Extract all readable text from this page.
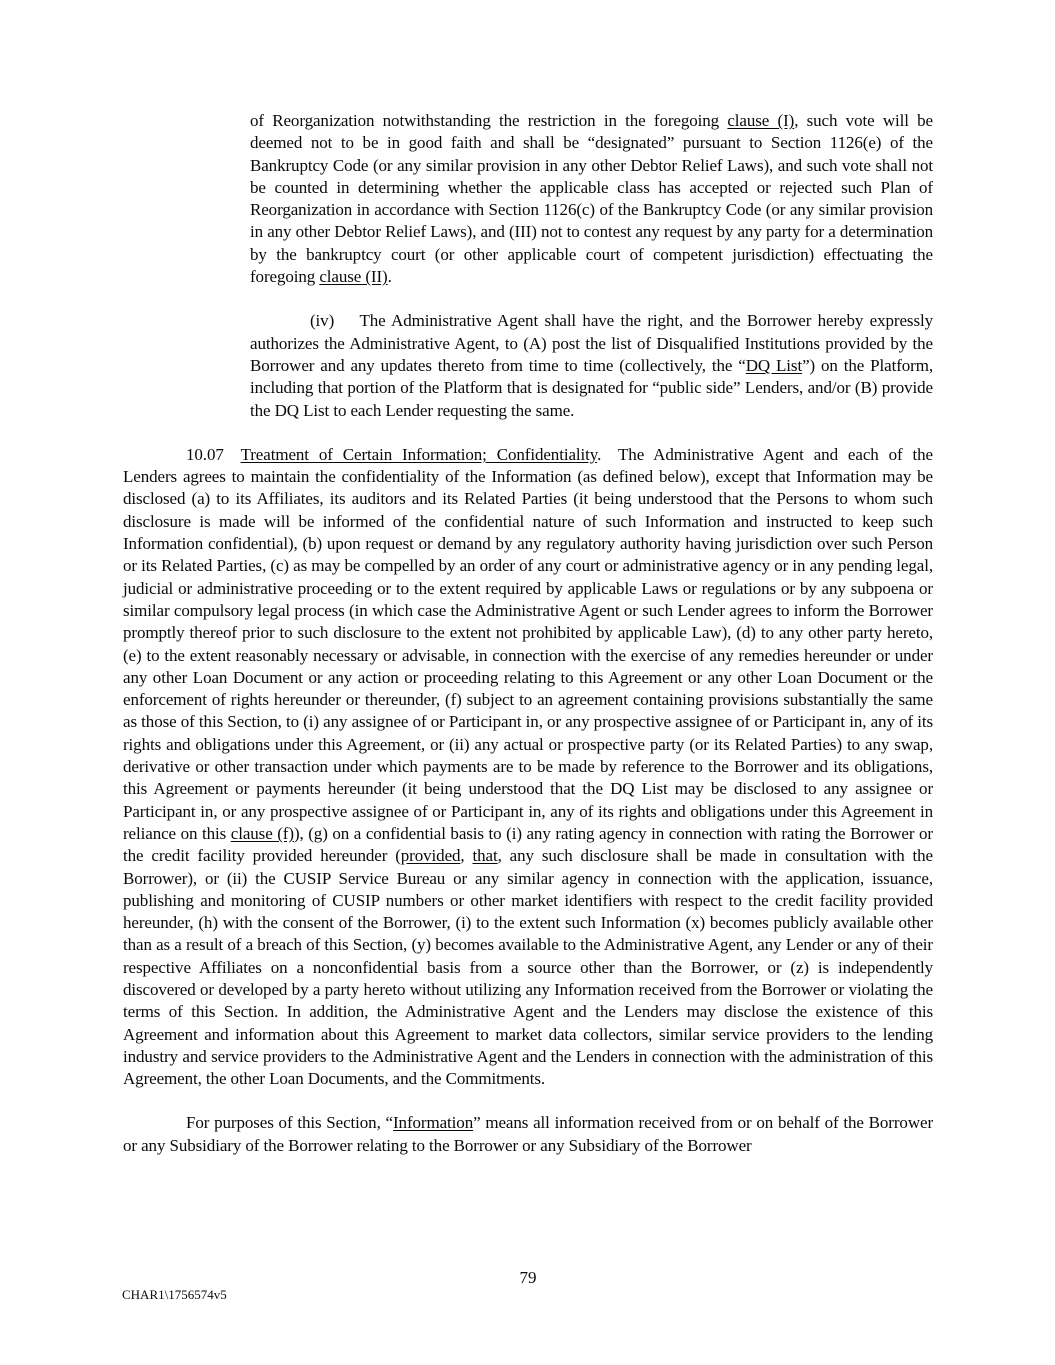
of Reorganization notwithstanding the restriction in the foregoing clause (I), such vote will be deemed not to be in good faith and shall be “designated” pursuant to Section 1126(e) of the Bankruptcy Code (or any similar provision in any other Debtor Relief Laws), and such vote shall not be counted in determining whether the applicable class has accepted or rejected such Plan of Reorganization in accordance with Section 1126(c) of the Bankruptcy Code (or any similar provision in any other Debtor Relief Laws), and (III) not to contest any request by any party for a determination by the bankruptcy court (or other applicable court of competent jurisdiction) effectuating the foregoing clause (II).

(iv)  The Administrative Agent shall have the right, and the Borrower hereby expressly authorizes the Administrative Agent, to (A) post the list of Disqualified Institutions provided by the Borrower and any updates thereto from time to time (collectively, the “DQ List”) on the Platform, including that portion of the Platform that is designated for “public side” Lenders, and/or (B) provide the DQ List to each Lender requesting the same.

10.07  Treatment of Certain Information; Confidentiality.  The Administrative Agent and each of the Lenders agrees to maintain the confidentiality of the Information (as defined below), except that Information may be disclosed (a) to its Affiliates, its auditors and its Related Parties (it being understood that the Persons to whom such disclosure is made will be informed of the confidential nature of such Information and instructed to keep such Information confidential), (b) upon request or demand by any regulatory authority having jurisdiction over such Person or its Related Parties, (c) as may be compelled by an order of any court or administrative agency or in any pending legal, judicial or administrative proceeding or to the extent required by applicable Laws or regulations or by any subpoena or similar compulsory legal process (in which case the Administrative Agent or such Lender agrees to inform the Borrower promptly thereof prior to such disclosure to the extent not prohibited by applicable Law), (d) to any other party hereto, (e) to the extent reasonably necessary or advisable, in connection with the exercise of any remedies hereunder or under any other Loan Document or any action or proceeding relating to this Agreement or any other Loan Document or the enforcement of rights hereunder or thereunder, (f) subject to an agreement containing provisions substantially the same as those of this Section, to (i) any assignee of or Participant in, or any prospective assignee of or Participant in, any of its rights and obligations under this Agreement, or (ii) any actual or prospective party (or its Related Parties) to any swap, derivative or other transaction under which payments are to be made by reference to the Borrower and its obligations, this Agreement or payments hereunder (it being understood that the DQ List may be disclosed to any assignee or Participant in, or any prospective assignee of or Participant in, any of its rights and obligations under this Agreement in reliance on this clause (f)), (g) on a confidential basis to (i) any rating agency in connection with rating the Borrower or the credit facility provided hereunder (provided, that, any such disclosure shall be made in consultation with the Borrower), or (ii) the CUSIP Service Bureau or any similar agency in connection with the application, issuance, publishing and monitoring of CUSIP numbers or other market identifiers with respect to the credit facility provided hereunder, (h) with the consent of the Borrower, (i) to the extent such Information (x) becomes publicly available other than as a result of a breach of this Section, (y) becomes available to the Administrative Agent, any Lender or any of their respective Affiliates on a nonconfidential basis from a source other than the Borrower, or (z) is independently discovered or developed by a party hereto without utilizing any Information received from the Borrower or violating the terms of this Section. In addition, the Administrative Agent and the Lenders may disclose the existence of this Agreement and information about this Agreement to market data collectors, similar service providers to the lending industry and service providers to the Administrative Agent and the Lenders in connection with the administration of this Agreement, the other Loan Documents, and the Commitments.

For purposes of this Section, “Information” means all information received from or on behalf of the Borrower or any Subsidiary of the Borrower relating to the Borrower or any Subsidiary of the Borrower

79
CHAR1\1756574v5
